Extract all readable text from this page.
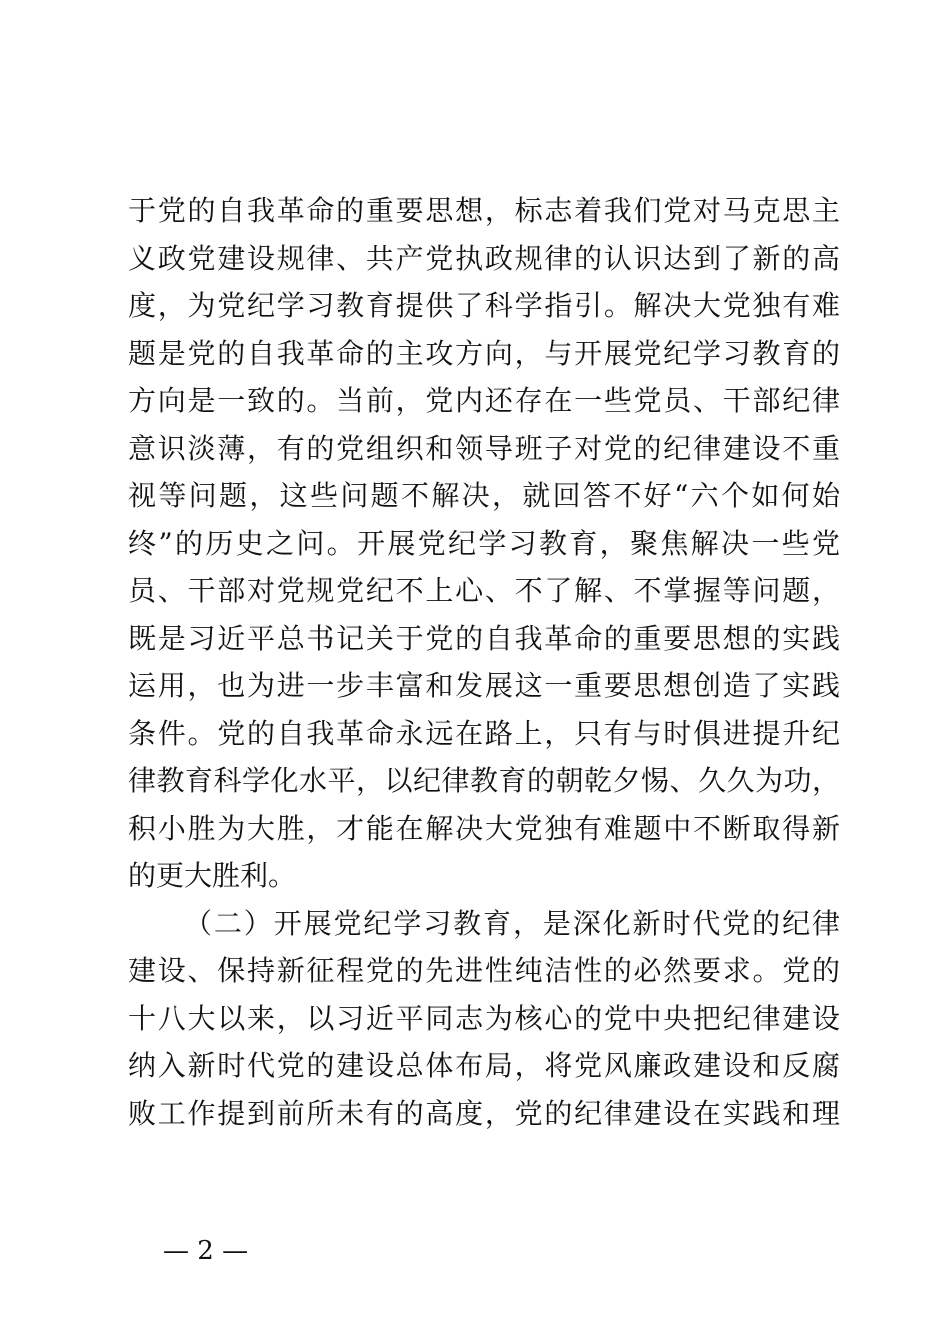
于党的自我革命的重要思想，标志着我们党对马克思主
义政党建设规律、共产党执政规律的认识达到了新的高
度，为党纪学习教育提供了科学指引。解决大党独有难
题是党的自我革命的主攻方向，与开展党纪学习教育的
方向是一致的。当前，党内还存在一些党员、干部纪律
意识淡薄，有的党组织和领导班子对党的纪律建设不重
视等问题，这些问题不解决，就回答不好“六个如何始
终”的历史之问。开展党纪学习教育，聚焦解决一些党
员、干部对党规党纪不上心、不了解、不掌握等问题，
既是习近平总书记关于党的自我革命的重要思想的实践
运用，也为进一步丰富和发展这一重要思想创造了实践
条件。党的自我革命永远在路上，只有与时俱进提升纪
律教育科学化水平，以纪律教育的朝乾夕惕、久久为功，
积小胜为大胜，才能在解决大党独有难题中不断取得新
的更大胜利。
（二）开展党纪学习教育，是深化新时代党的纪律
建设、保持新征程党的先进性纯洁性的必然要求。党的
十八大以来，以习近平同志为核心的党中央把纪律建设
纳入新时代党的建设总体布局，将党风廉政建设和反腐
败工作提到前所未有的高度，党的纪律建设在实践和理
— 2 —
